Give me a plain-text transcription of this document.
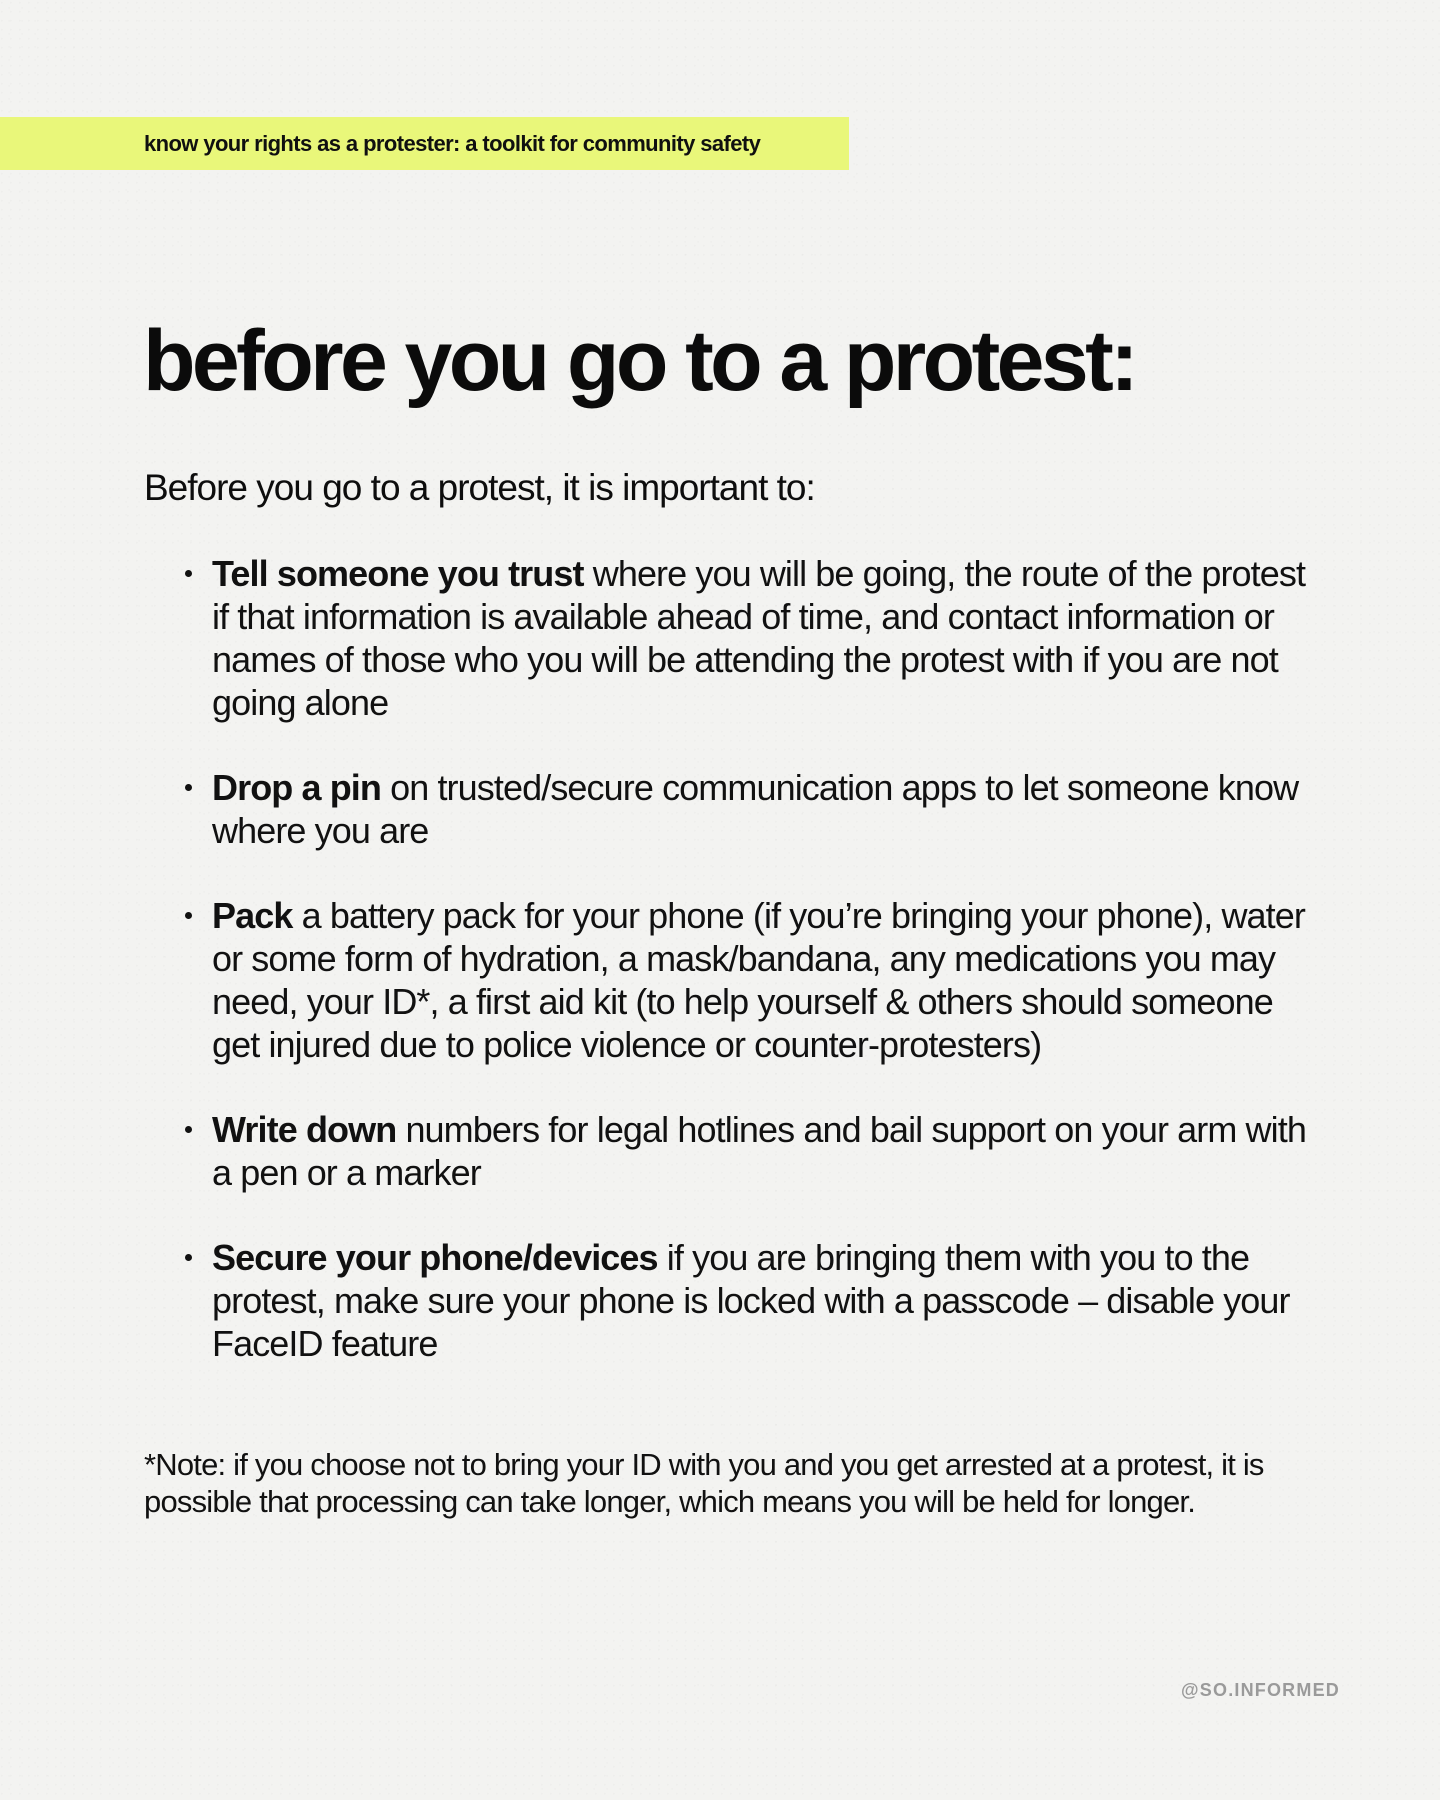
know your rights as a protester: a toolkit for community safety
before you go to a protest:

Before you go to a protest, it is important to:

Tell someone you trust where you will be going, the route of the protest if that information is available ahead of time, and contact information or names of those who you will be attending the protest with if you are not going alone
Drop a pin on trusted/secure communication apps to let someone know where you are
Pack a battery pack for your phone (if you’re bringing your phone), water or some form of hydration, a mask/bandana, any medications you may need, your ID*, a first aid kit (to help yourself & others should someone get injured due to police violence or counter-protesters)
Write down numbers for legal hotlines and bail support on your arm with a pen or a marker
Secure your phone/devices if you are bringing them with you to the protest, make sure your phone is locked with a passcode – disable your FaceID feature

*Note: if you choose not to bring your ID with you and you get arrested at a protest, it is possible that processing can take longer, which means you will be held for longer.

@SO.INFORMED
